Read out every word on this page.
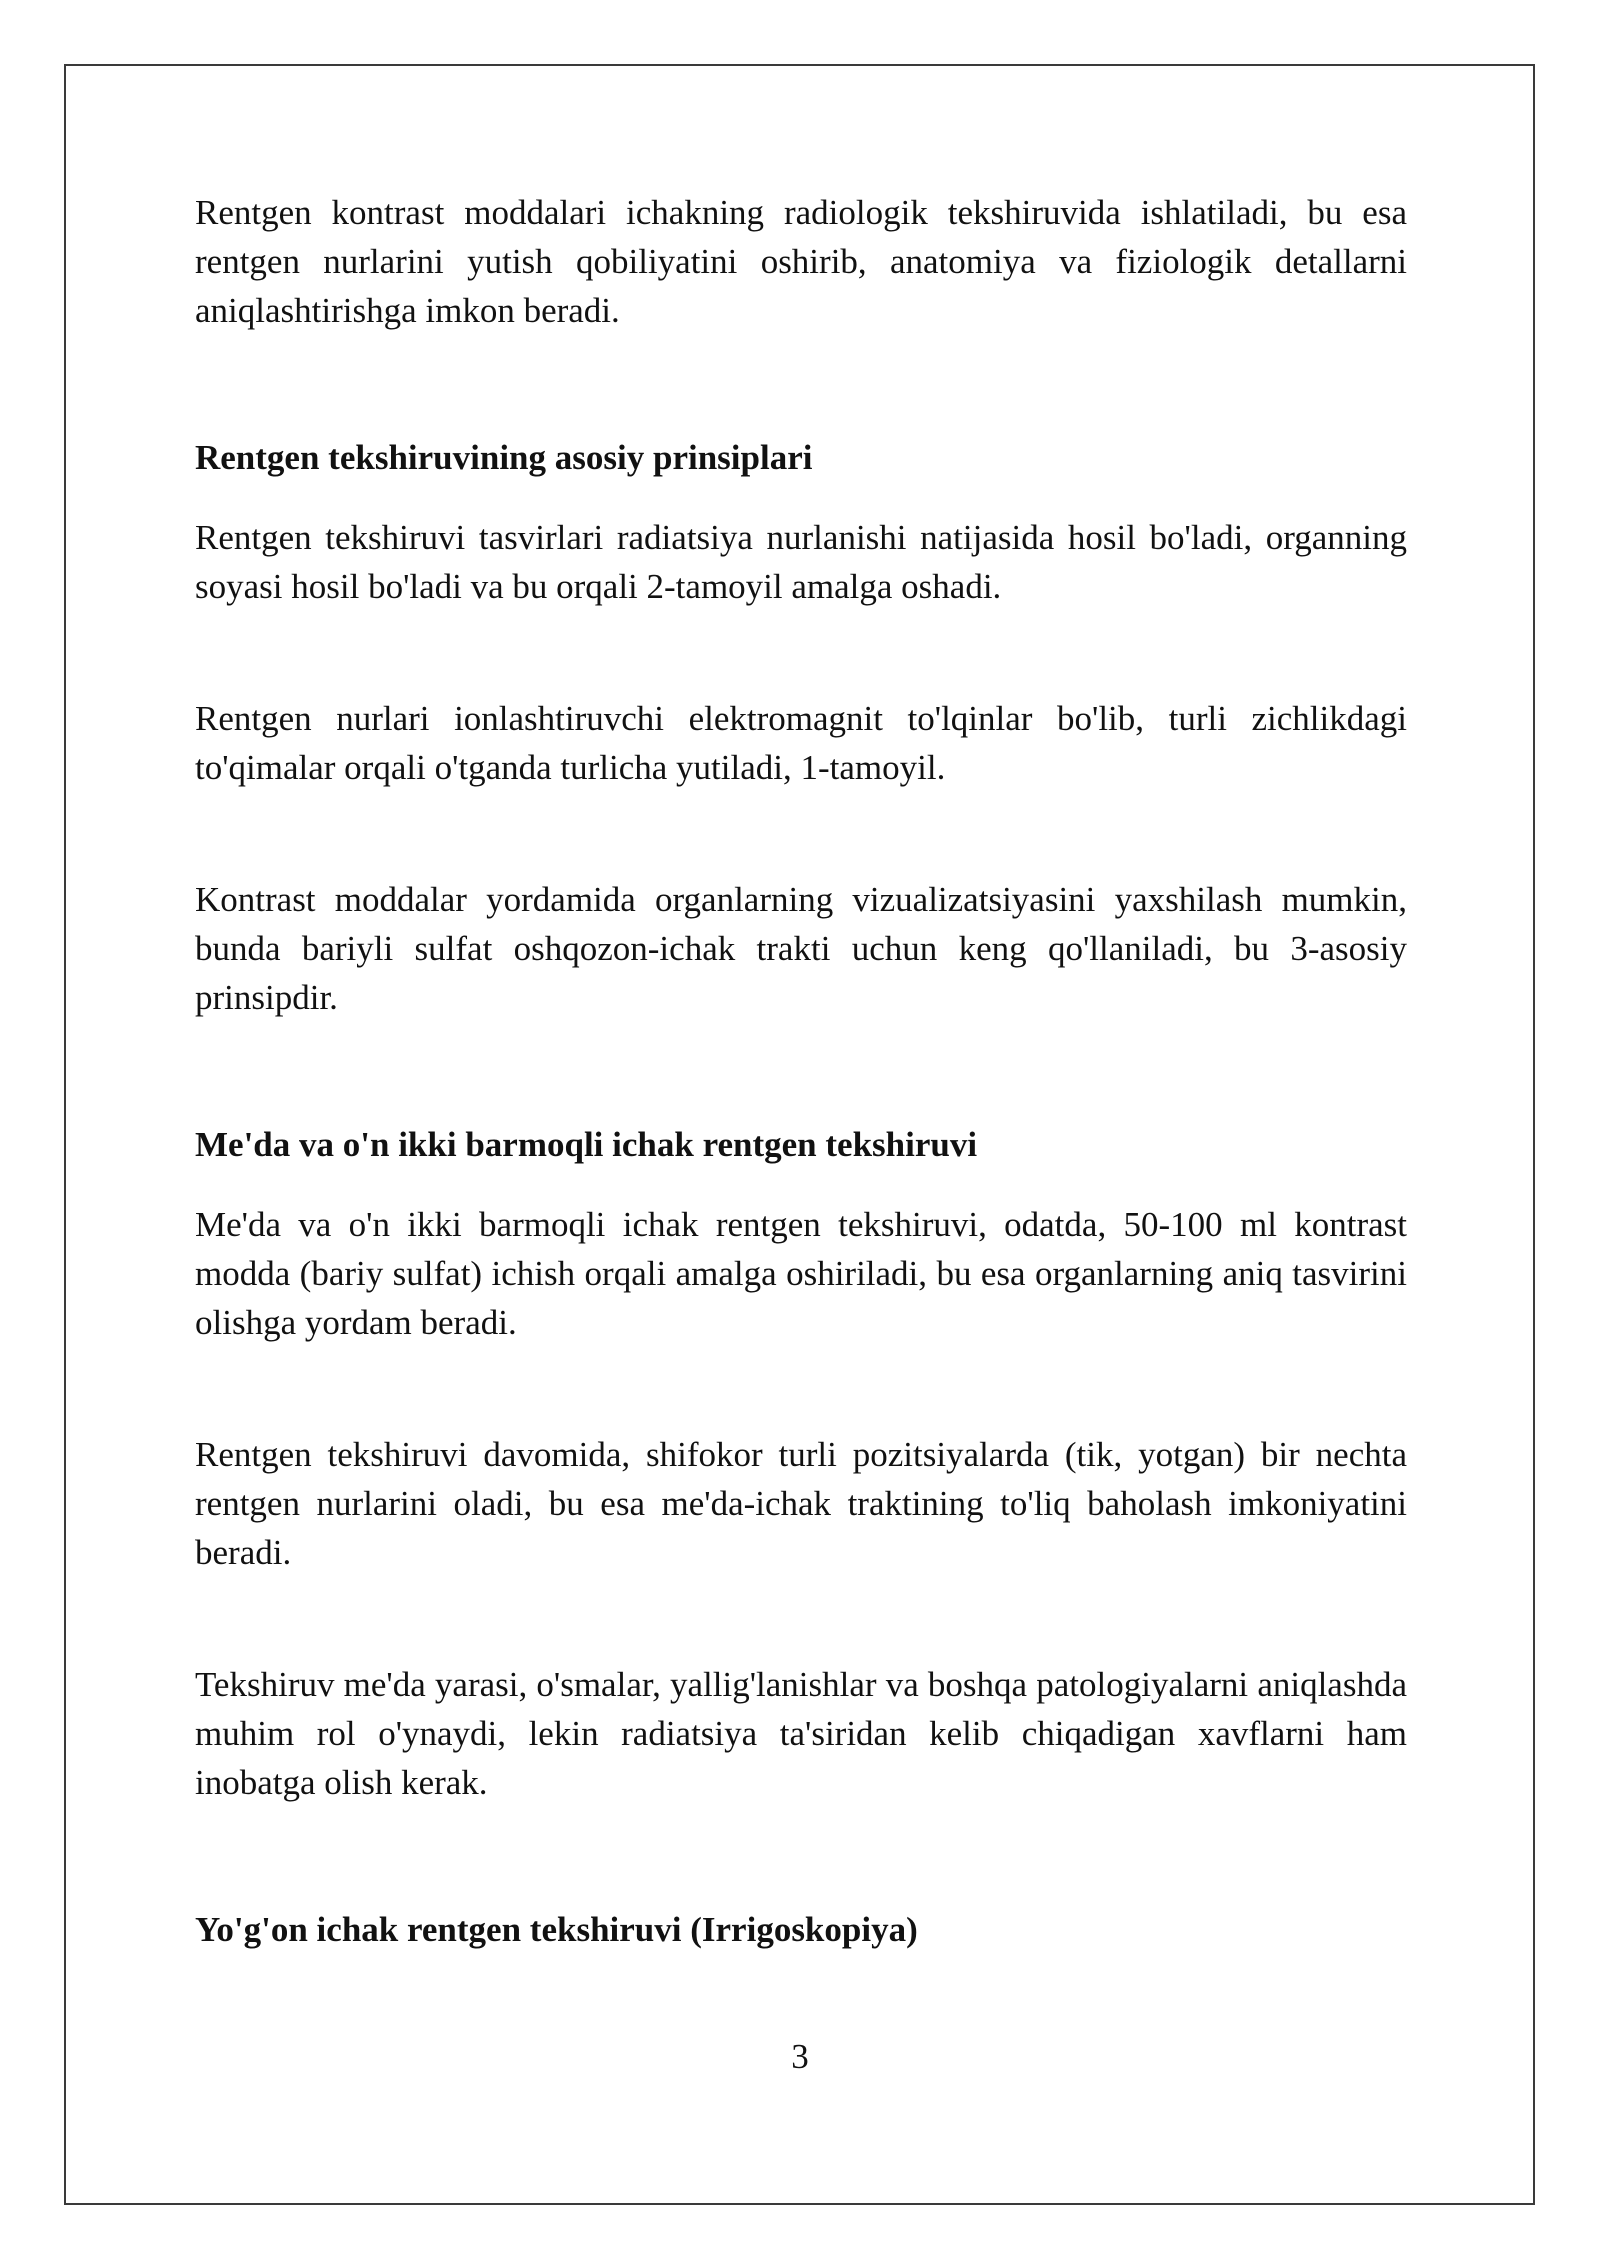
Rentgen kontrast moddalari ichakning radiologik tekshiruvida ishlatiladi, bu esa rentgen nurlarini yutish qobiliyatini oshirib, anatomiya va fiziologik detallarni aniqlashtirishga imkon beradi.

Rentgen tekshiruvining asosiy prinsiplari

Rentgen tekshiruvi tasvirlari radiatsiya nurlanishi natijasida hosil bo'ladi, organning soyasi hosil bo'ladi va bu orqali 2-tamoyil amalga oshadi.

Rentgen nurlari ionlashtiruvchi elektromagnit to'lqinlar bo'lib, turli zichlikdagi to'qimalar orqali o'tganda turlicha yutiladi, 1-tamoyil.

Kontrast moddalar yordamida organlarning vizualizatsiyasini yaxshilash mumkin, bunda bariyli sulfat oshqozon-ichak trakti uchun keng qo'llaniladi, bu 3-asosiy prinsipdir.

Me'da va o'n ikki barmoqli ichak rentgen tekshiruvi

Me'da va o'n ikki barmoqli ichak rentgen tekshiruvi, odatda, 50-100 ml kontrast modda (bariy sulfat) ichish orqali amalga oshiriladi, bu esa organlarning aniq tasvirini olishga yordam beradi.

Rentgen tekshiruvi davomida, shifokor turli pozitsiyalarda (tik, yotgan) bir nechta rentgen nurlarini oladi, bu esa me'da-ichak traktining to'liq baholash imkoniyatini beradi.

Tekshiruv me'da yarasi, o'smalar, yallig'lanishlar va boshqa patologiyalarni aniqlashda muhim rol o'ynaydi, lekin radiatsiya ta'siridan kelib chiqadigan xavflarni ham inobatga olish kerak.

Yo'g'on ichak rentgen tekshiruvi (Irrigoskopiya)

3
